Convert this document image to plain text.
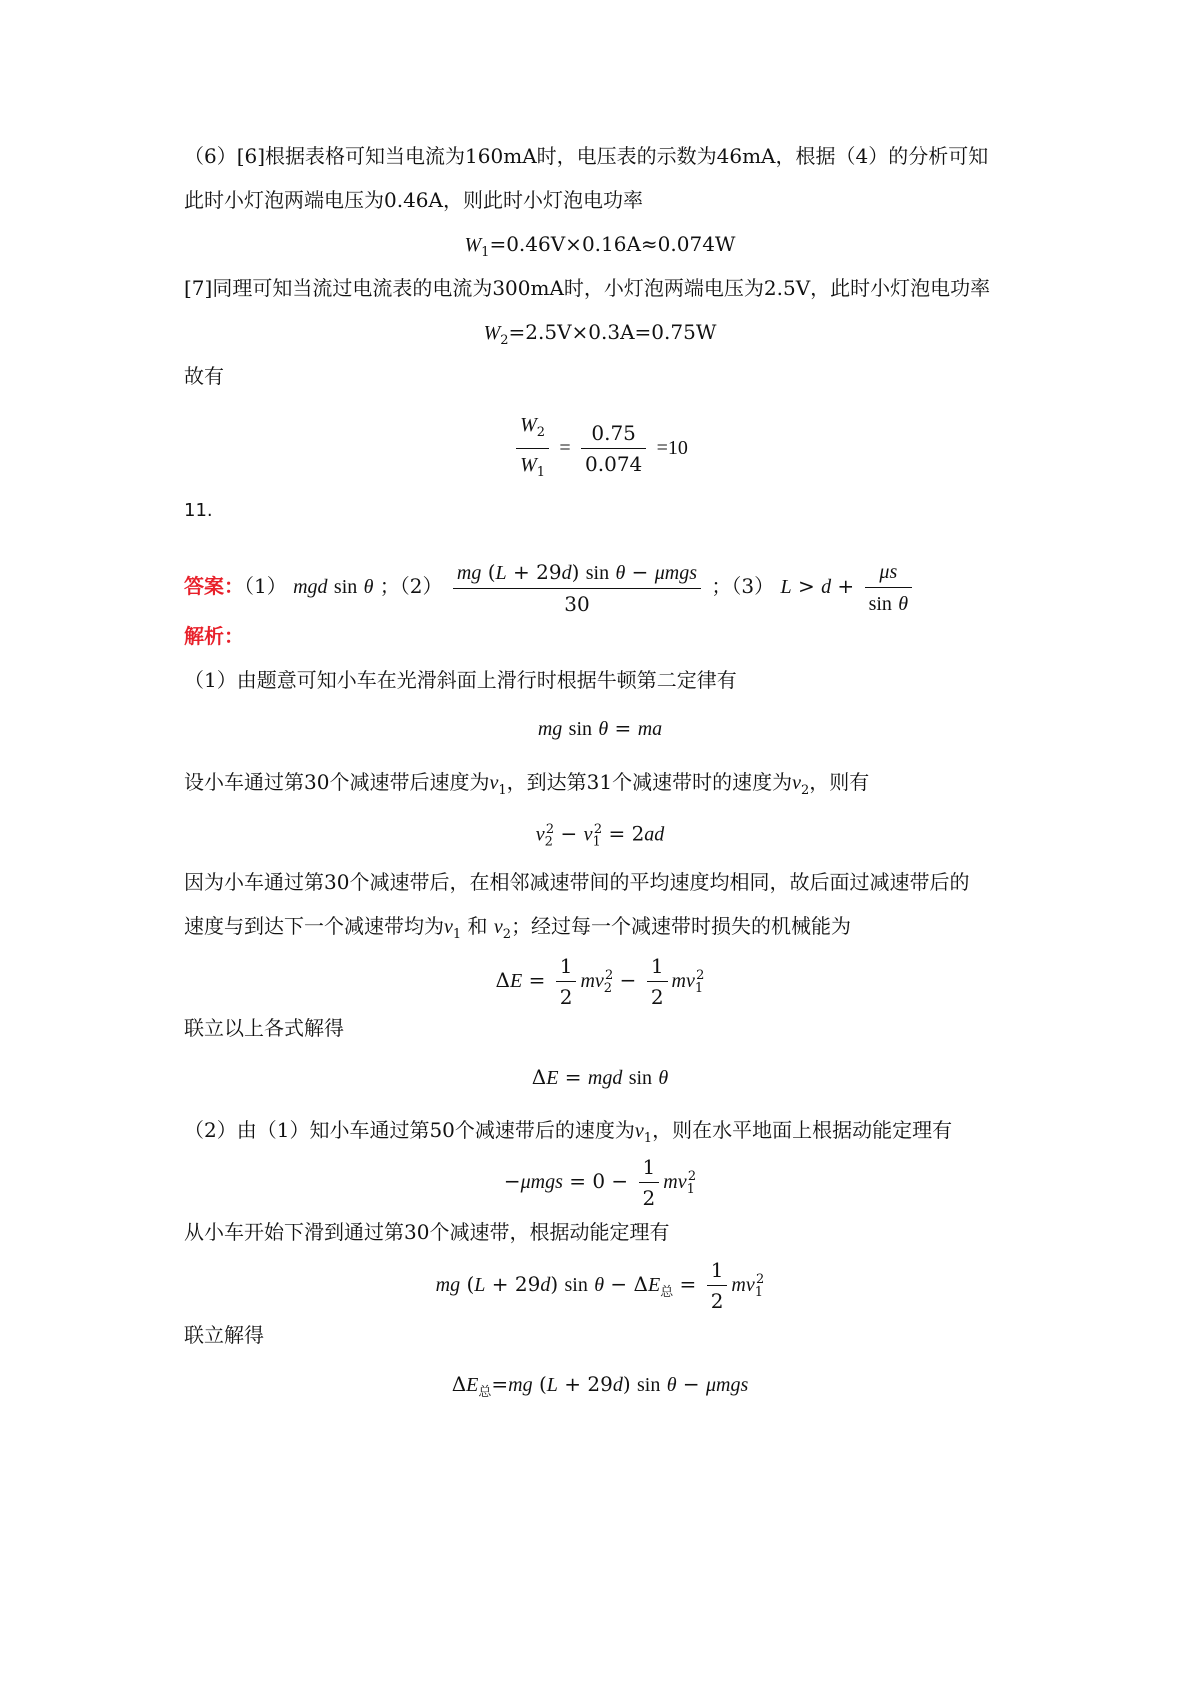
（6）[6]根据表格可知当电流为160mA时，电压表的示数为46mA，根据（4）的分析可知
此时小灯泡两端电压为0.46A，则此时小灯泡电功率
$W_1=0.46V\times 0.16A\approx 0.074W$
[7]同理可知当流过电流表的电流为300mA时，小灯泡两端电压为2.5V，此时小灯泡电功率
$W_2=2.5V\times 0.3A=0.75W$
故有
$\frac{W_2}{W_1} = \frac{0.75}{0.074} =10$
11.
答案：（1） mgd sin θ ；$(2) \frac{\text{mg (L + 29d) sin θ − μmgs}}{30}$ ；（3） $L > d + \frac{\mu s}{\text{sin θ}}$
解析：
（1）由题意可知小车在光滑斜面上滑行时根据牛顿第二定律有
mg sin θ = ma
设小车通过第30个减速带后速度为$v_1$，到达第31个减速带时的速度为$v_2$，则有
$v_2^2 - v_1^2 = 2ad$
因为小车通过第30个减速带后，在相邻减速带间的平均速度均相同，故后面过减速带后的
速度与到达下一个减速带均为$v_1$ 和 $v_2$；经过每一个减速带时损失的机械能为
$\Delta E = \frac{1}{2} mv_2^2 - \frac{1}{2} mv_1^2$
联立以上各式解得
ΔE = mgd sin θ
（2）由（1）知小车通过第50个减速带后的速度为$v_1$，则在水平地面上根据动能定理有
$-\mu mgs = 0 - \frac{1}{2} mv_1^2$
从小车开始下滑到通过第30个减速带，根据动能定理有
mg (L + 29d) $\sin \theta - \Delta E_总 = \frac{1}{2} mv_1^2$
联立解得
$\Delta E_总=mg$ (L + 29d) sin θ − μmgs
